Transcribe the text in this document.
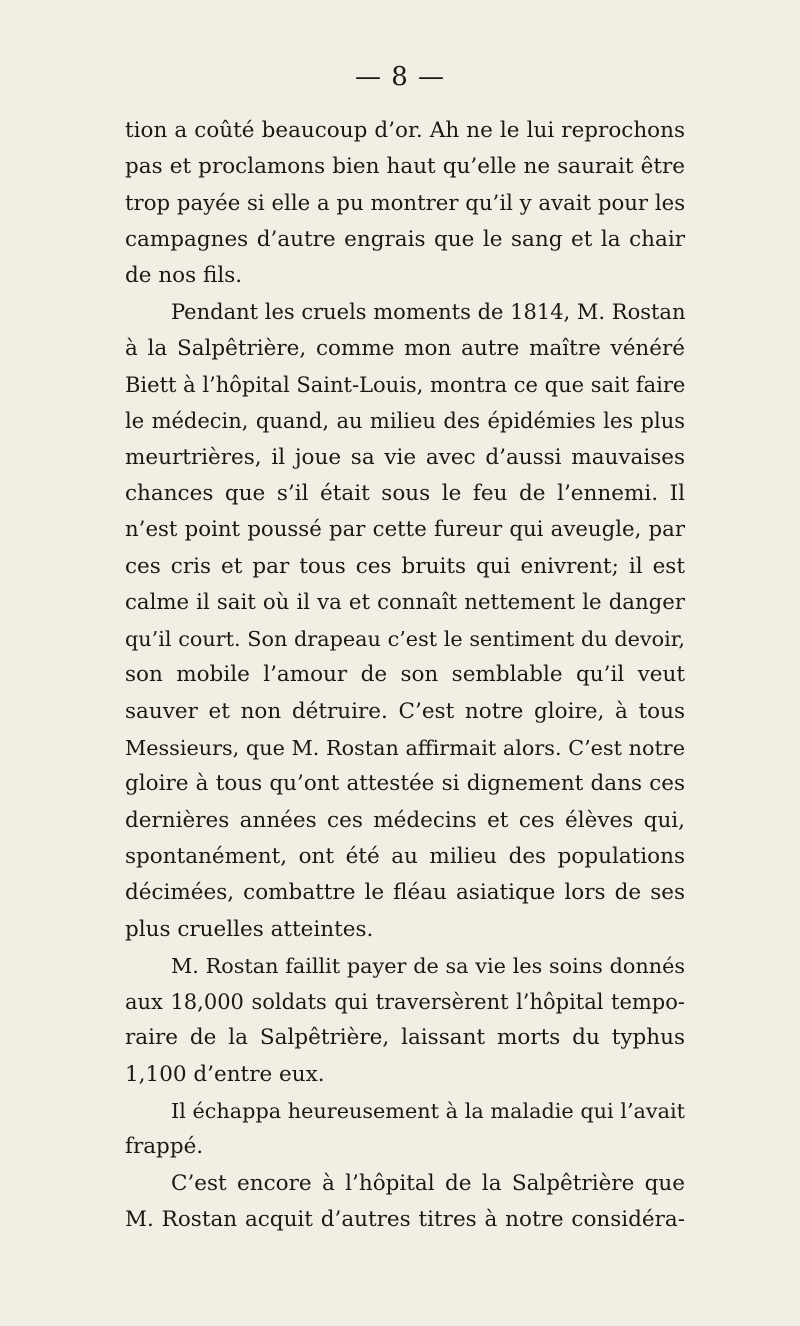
— 8 —
tion a coûté beaucoup d’or. Ah ne le lui reprochons
pas et proclamons bien haut qu’elle ne saurait être
trop payée si elle a pu montrer qu’il y avait pour les
campagnes d’autre engrais que le sang et la chair
de nos fils.
Pendant les cruels moments de 1814, M. Rostan
à la Salpêtrière, comme mon autre maître vénéré
Biett à l’hôpital Saint-Louis, montra ce que sait faire
le médecin, quand, au milieu des épidémies les plus
meurtrières, il joue sa vie avec d’aussi mauvaises
chances que s’il était sous le feu de l’ennemi. Il
n’est point poussé par cette fureur qui aveugle, par
ces cris et par tous ces bruits qui enivrent; il est
calme il sait où il va et connaît nettement le danger
qu’il court. Son drapeau c’est le sentiment du devoir,
son mobile l’amour de son semblable qu’il veut
sauver et non détruire. C’est notre gloire, à tous
Messieurs, que M. Rostan affirmait alors. C’est notre
gloire à tous qu’ont attestée si dignement dans ces
dernières années ces médecins et ces élèves qui,
spontanément, ont été au milieu des populations
décimées, combattre le fléau asiatique lors de ses
plus cruelles atteintes.
M. Rostan faillit payer de sa vie les soins donnés
aux 18,000 soldats qui traversèrent l’hôpital tempo-
raire de la Salpêtrière, laissant morts du typhus
1,100 d’entre eux.
Il échappa heureusement à la maladie qui l’avait
frappé.
C’est encore à l’hôpital de la Salpêtrière que
M. Rostan acquit d’autres titres à notre considéra-
